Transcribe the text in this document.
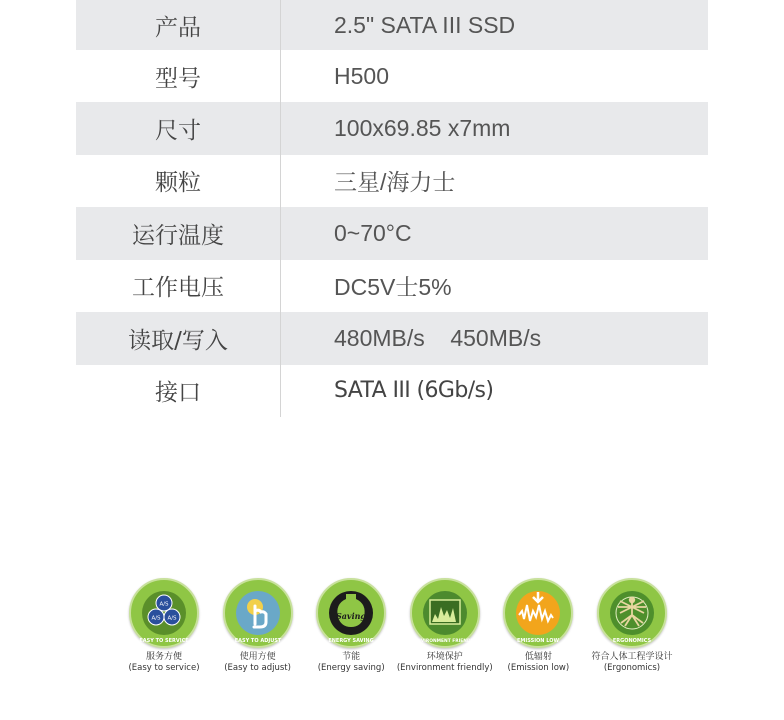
产品	2.5" SATA III SSD
型号	H500
尺寸	100x69.85 x7mm
颗粒	三星/海力士
运行温度	0~70°C
工作电压	DC5V士5%
读取/写入	480MB/s    450MB/s
接口	SATA III (6Gb/s)
A/S
A/S A/S
EASY TO SERVICE
服务方便
(Easy to service)
EASY TO ADJUST
使用方便
(Easy to adjust)
Saving
ENERGY SAVING
节能
(Energy saving)
ENVIRONMENT FRIENDLY
环境保护
(Environment friendly)
EMISSION LOW
低辐射
(Emission low)
ERGONOMICS
符合人体工程学设计
(Ergonomics)
